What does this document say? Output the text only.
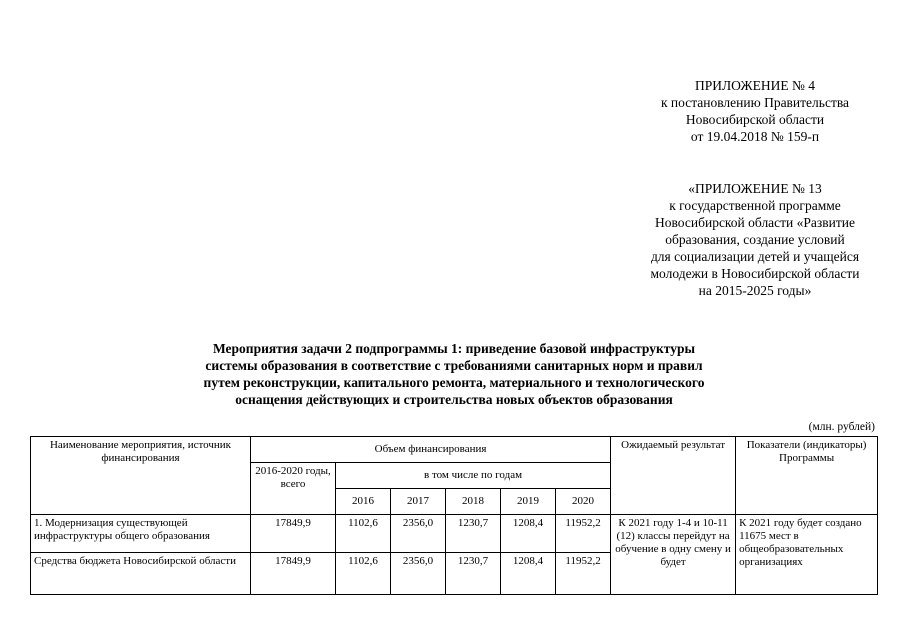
ПРИЛОЖЕНИЕ № 4
к постановлению Правительства
Новосибирской области
от 19.04.2018 № 159-п
«ПРИЛОЖЕНИЕ № 13
к государственной программе
Новосибирской области «Развитие
образования, создание условий
для социализации детей и учащейся
молодежи в Новосибирской области
на 2015-2025 годы»
Мероприятия задачи 2 подпрограммы 1: приведение базовой инфраструктуры
системы образования в соответствие с требованиями санитарных норм и правил
путем реконструкции, капитального ремонта, материального и технологического
оснащения действующих и строительства новых объектов образования
(млн. рублей)
Наименование мероприятия, источник финансирования	Объем финансирования						Ожидаемый результат	Показатели (индикаторы) Программы
	2016-2020 годы, всего	в том числе по годам						
		2016	2017	2018	2019	2020		
1. Модернизация существующей инфраструктуры общего образования	17849,9	1102,6	2356,0	1230,7	1208,4	11952,2	К 2021 году 1-4 и 10-11 (12) классы перейдут на обучение в одну смену и будет	К 2021 году будет создано 11675 мест в общеобразовательных организациях
Средства бюджета Новосибирской области	17849,9	1102,6	2356,0	1230,7	1208,4	11952,2		
